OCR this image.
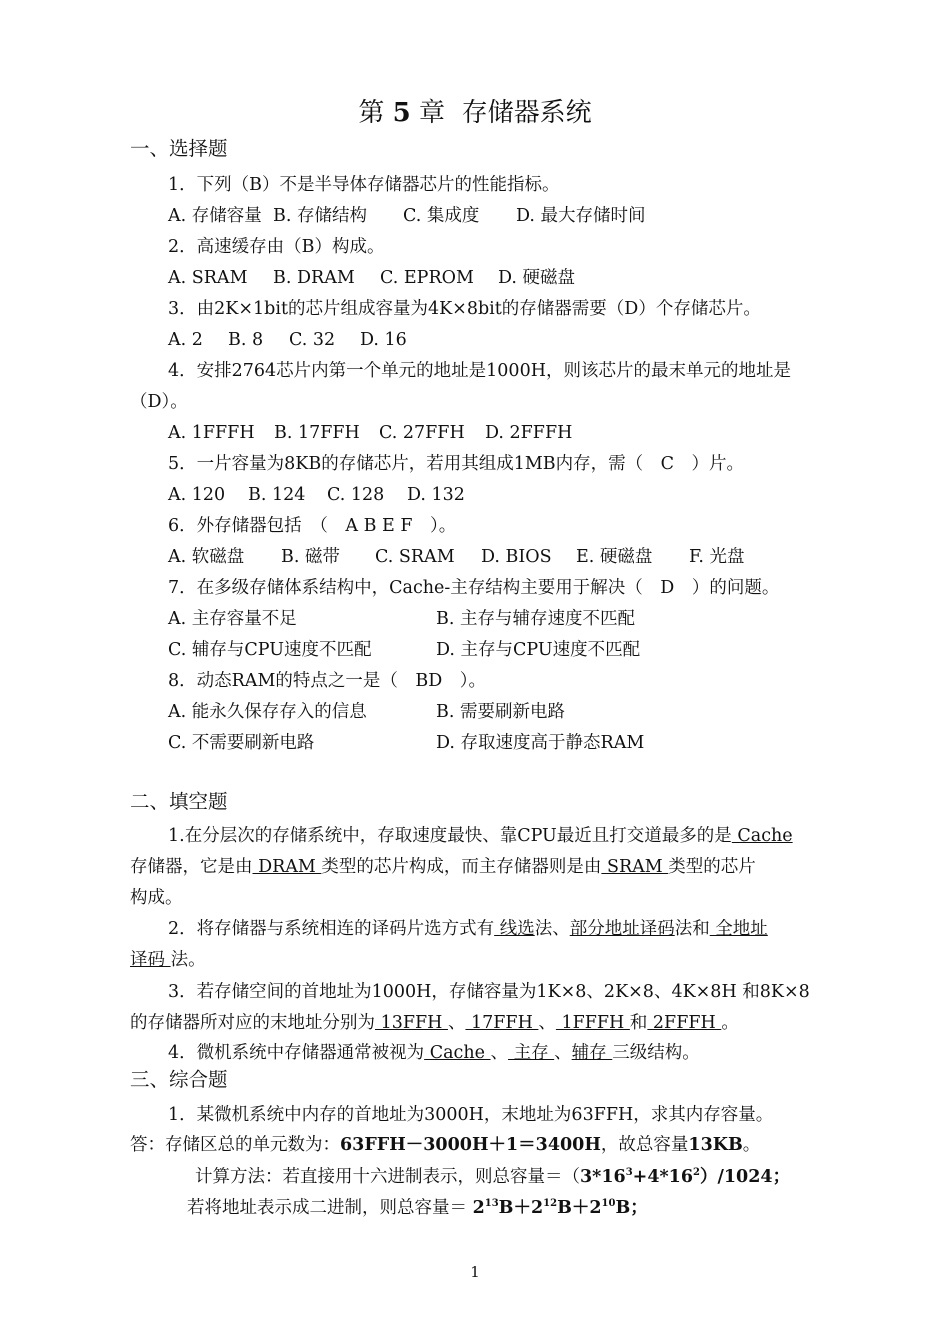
第 5 章 存储器系统
一、选择题
1．下列（B）不是半导体存储器芯片的性能指标。
A. 存储容量 B. 存储结构 C. 集成度 D. 最大存储时间
2．高速缓存由（B）构成。
A. SRAM B. DRAM C. EPROM D. 硬磁盘
3．由2K×1bit的芯片组成容量为4K×8bit的存储器需要（D）个存储芯片。
A. 2 B. 8 C. 32 D. 16
4．安排2764芯片内第一个单元的地址是1000H，则该芯片的最末单元的地址是
（D）。
A. 1FFFH B. 17FFH C. 27FFH D. 2FFFH
5．一片容量为8KB的存储芯片，若用其组成1MB内存，需（　C　）片。
A. 120 B. 124 C. 128 D. 132
6．外存储器包括　（　A B E F　）。
A. 软磁盘 B. 磁带 C. SRAM D. BIOS E. 硬磁盘 F. 光盘
7．在多级存储体系结构中，Cache-主存结构主要用于解决（　D　）的问题。
A. 主存容量不足	B. 主存与辅存速度不匹配
C. 辅存与CPU速度不匹配	D. 主存与CPU速度不匹配
8．动态RAM的特点之一是（　BD　）。
A. 能永久保存存入的信息	B. 需要刷新电路
C. 不需要刷新电路	D. 存取速度高于静态RAM
二、填空题
1.在分层次的存储系统中，存取速度最快、靠CPU最近且打交道最多的是 Cache
存储器，它是由 DRAM 类型的芯片构成，而主存储器则是由 SRAM 类型的芯片
构成。
2．将存储器与系统相连的译码片选方式有 线选法、部分地址译码法和 全地址
译码 法。
3．若存储空间的首地址为1000H，存储容量为1K×8、2K×8、4K×8H 和8K×8
的存储器所对应的末地址分别为 13FFH 、 17FFH 、 1FFFH 和 2FFFH 。
4．微机系统中存储器通常被视为 Cache 、 主存 、辅存 三级结构。
三、综合题
1．某微机系统中内存的首地址为3000H，末地址为63FFH，求其内存容量。
答：存储区总的单元数为：63FFH－3000H＋1＝3400H，故总容量13KB。
计算方法：若直接用十六进制表示，则总容量$=(3*16^3+4*16^2)/1024$；
若将地址表示成二进制，则总容量＝ $2^{13}B+2^{12}B+2^{10}B$；
1
